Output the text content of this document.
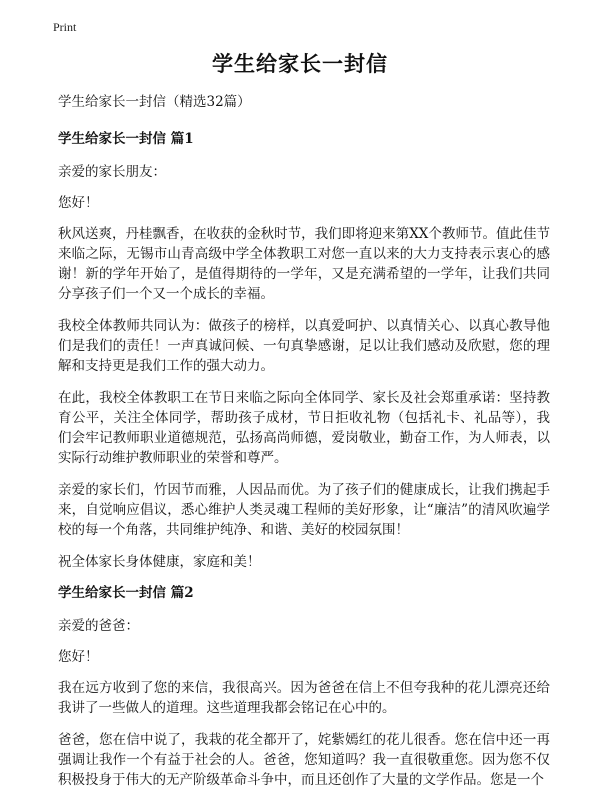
Print
学生给家长一封信

学生给家长一封信（精选32篇）

学生给家长一封信 篇1

亲爱的家长朋友：

您好！

秋风送爽，丹桂飘香，在收获的金秋时节，我们即将迎来第XX个教师节。值此佳节来临之际，无锡市山青高级中学全体教职工对您一直以来的大力支持表示衷心的感谢！新的学年开始了，是值得期待的一学年，又是充满希望的一学年，让我们共同分享孩子们一个又一个成长的幸福。

我校全体教师共同认为：做孩子的榜样，以真爱呵护、以真情关心、以真心教导他们是我们的责任！一声真诚问候、一句真挚感谢，足以让我们感动及欣慰，您的理解和支持更是我们工作的强大动力。

在此，我校全体教职工在节日来临之际向全体同学、家长及社会郑重承诺：坚持教育公平，关注全体同学，帮助孩子成材，节日拒收礼物（包括礼卡、礼品等），我们会牢记教师职业道德规范，弘扬高尚师德，爱岗敬业，勤奋工作，为人师表，以实际行动维护教师职业的荣誉和尊严。

亲爱的家长们，竹因节而雅，人因品而优。为了孩子们的健康成长，让我们携起手来，自觉响应倡议，悉心维护人类灵魂工程师的美好形象，让“廉洁”的清风吹遍学校的每一个角落，共同维护纯净、和谐、美好的校园氛围！

祝全体家长身体健康，家庭和美！

学生给家长一封信 篇2

亲爱的爸爸：

您好！

我在远方收到了您的来信，我很高兴。因为爸爸在信上不但夸我种的花儿漂亮还给我讲了一些做人的道理。这些道理我都会铭记在心中的。

爸爸，您在信中说了，我栽的花全都开了，姹紫嫣红的花儿很香。您在信中还一再强调让我作一个有益于社会的人。爸爸，您知道吗？我一直很敬重您。因为您不仅积极投身于伟大的无产阶级革命斗争中，而且还创作了大量的文学作品。您是一个
